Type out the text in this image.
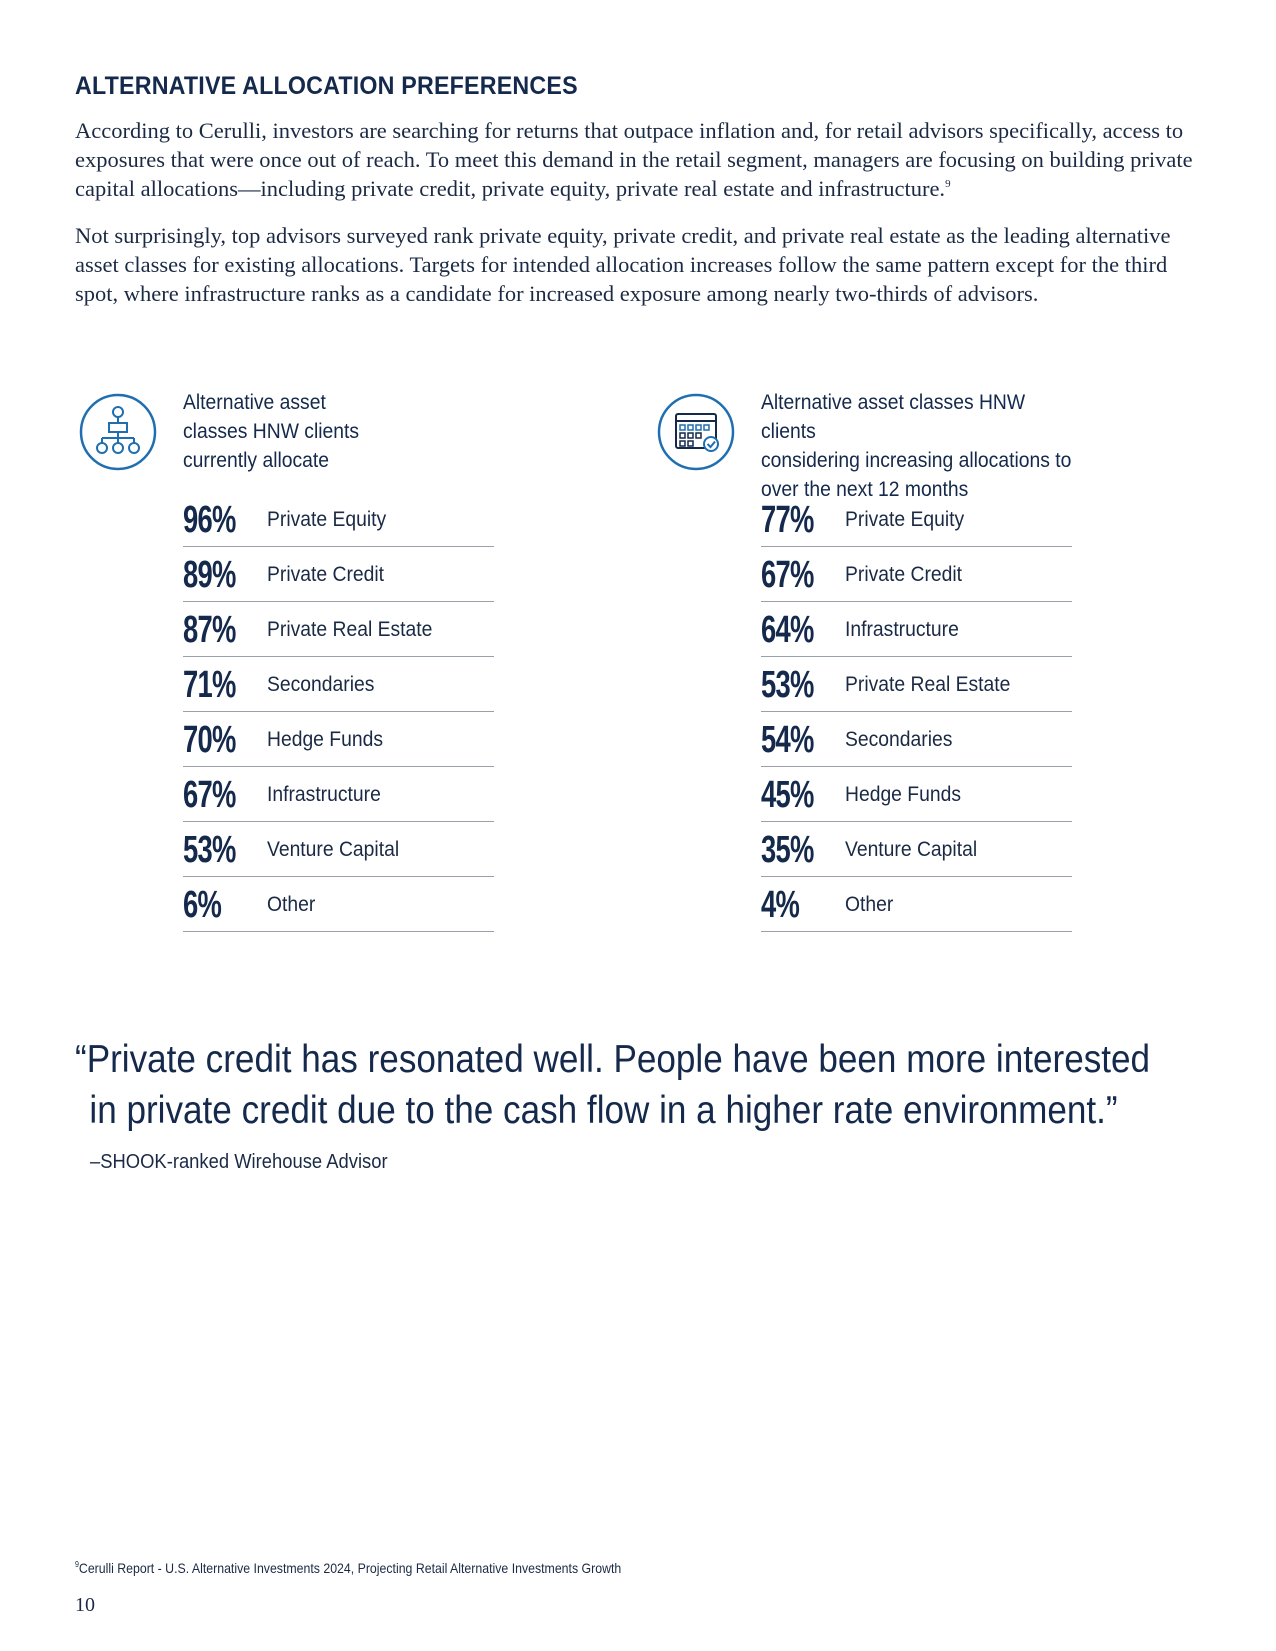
ALTERNATIVE ALLOCATION PREFERENCES

According to Cerulli, investors are searching for returns that outpace inflation and, for retail advisors specifically, access to exposures that were once out of reach. To meet this demand in the retail segment, managers are focusing on building private capital allocations—including private credit, private equity, private real estate and infrastructure.$^9$

Not surprisingly, top advisors surveyed rank private equity, private credit, and private real estate as the leading alternative asset classes for existing allocations. Targets for intended allocation increases follow the same pattern except for the third spot, where infrastructure ranks as a candidate for increased exposure among nearly two-thirds of advisors.

Alternative asset
classes HNW clients
currently allocate
96% Private Equity
89% Private Credit
87% Private Real Estate
71% Secondaries
70% Hedge Funds
67% Infrastructure
53% Venture Capital
6% Other
Alternative asset classes HNW clients
considering increasing allocations to
over the next 12 months
77% Private Equity
67% Private Credit
64% Infrastructure
53% Private Real Estate
54% Secondaries
45% Hedge Funds
35% Venture Capital
4% Other
“Private credit has resonated well. People have been more interested
in private credit due to the cash flow in a higher rate environment.”
–SHOOK-ranked Wirehouse Advisor
$^9$Cerulli Report - U.S. Alternative Investments 2024, Projecting Retail Alternative Investments Growth
10
